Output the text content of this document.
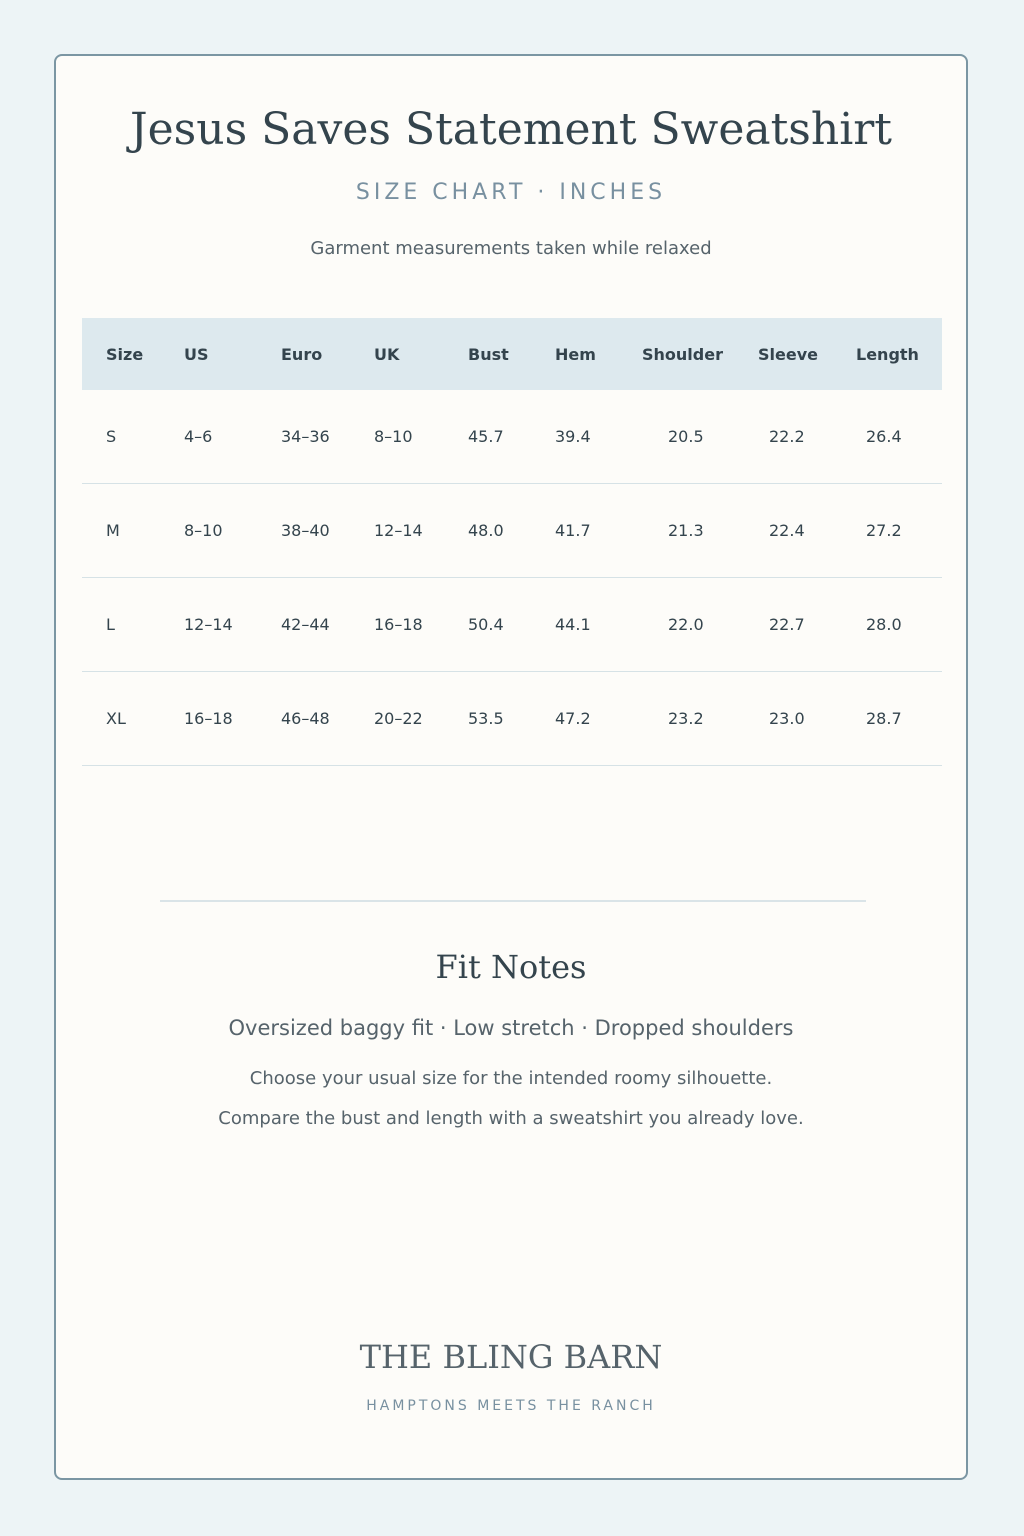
Jesus Saves Statement Sweatshirt
SIZE CHART · INCHES
Garment measurements taken while relaxed
Size	US	Euro	UK	Bust	Hem	Shoulder	Sleeve	Length
S	4–6	34–36	8–10	45.7	39.4	20.5	22.2	26.4
M	8–10	38–40	12–14	48.0	41.7	21.3	22.4	27.2
L	12–14	42–44	16–18	50.4	44.1	22.0	22.7	28.0
XL	16–18	46–48	20–22	53.5	47.2	23.2	23.0	28.7
Fit Notes
Oversized baggy fit · Low stretch · Dropped shoulders
Choose your usual size for the intended roomy silhouette.
Compare the bust and length with a sweatshirt you already love.
THE BLING BARN
HAMPTONS MEETS THE RANCH
